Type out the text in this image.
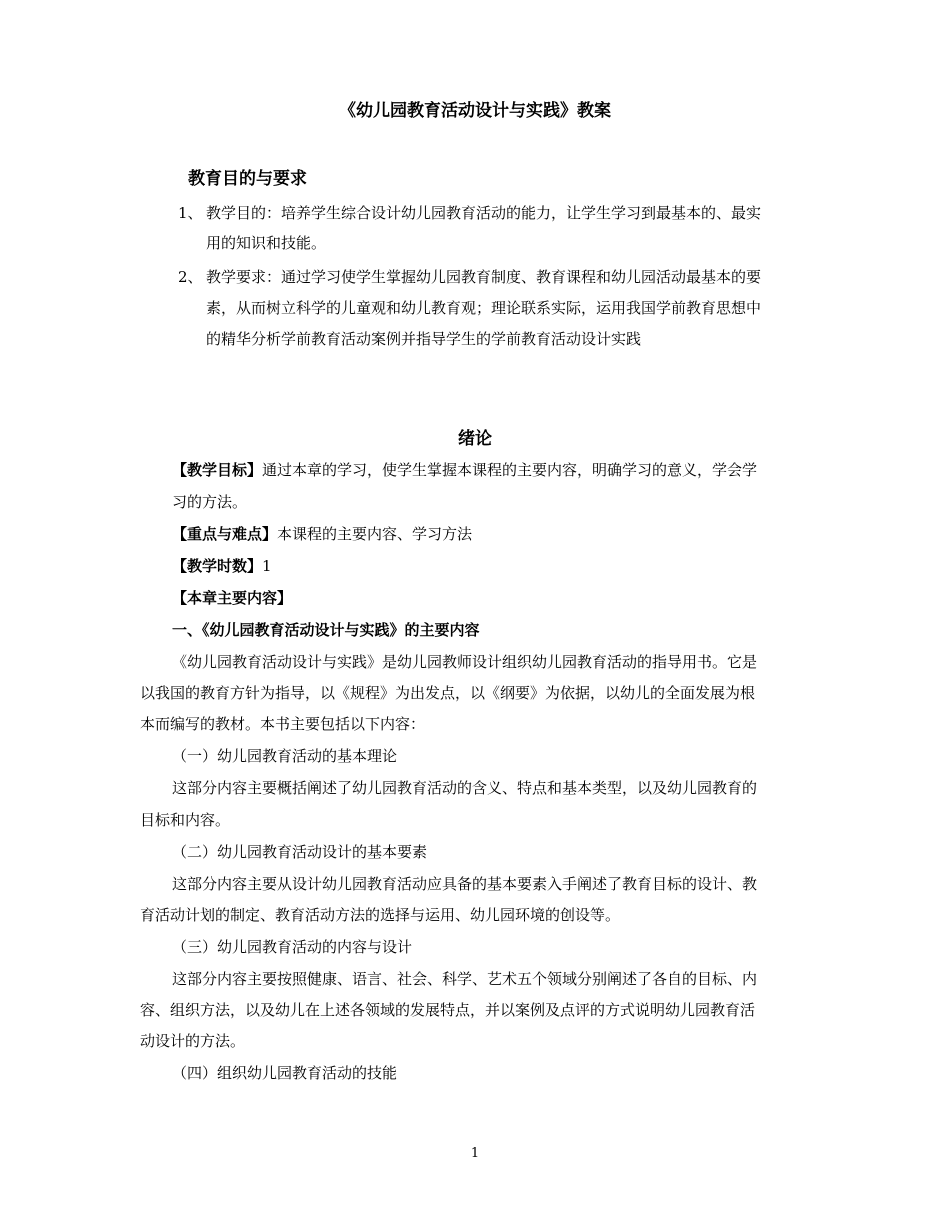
《幼儿园教育活动设计与实践》教案
教育目的与要求
1、 教学目的：培养学生综合设计幼儿园教育活动的能力，让学生学习到最基本的、最实
用的知识和技能。
2、 教学要求：通过学习使学生掌握幼儿园教育制度、教育课程和幼儿园活动最基本的要
素，从而树立科学的儿童观和幼儿教育观；理论联系实际，运用我国学前教育思想中
的精华分析学前教育活动案例并指导学生的学前教育活动设计实践
绪论
【教学目标】通过本章的学习，使学生掌握本课程的主要内容，明确学习的意义，学会学
习的方法。
【重点与难点】本课程的主要内容、学习方法
【教学时数】1
【本章主要内容】
一、《幼儿园教育活动设计与实践》的主要内容
《幼儿园教育活动设计与实践》是幼儿园教师设计组织幼儿园教育活动的指导用书。它是
以我国的教育方针为指导，以《规程》为出发点，以《纲要》为依据，以幼儿的全面发展为根
本而编写的教材。本书主要包括以下内容：
（一）幼儿园教育活动的基本理论
这部分内容主要概括阐述了幼儿园教育活动的含义、特点和基本类型，以及幼儿园教育的
目标和内容。
（二）幼儿园教育活动设计的基本要素
这部分内容主要从设计幼儿园教育活动应具备的基本要素入手阐述了教育目标的设计、教
育活动计划的制定、教育活动方法的选择与运用、幼儿园环境的创设等。
（三）幼儿园教育活动的内容与设计
这部分内容主要按照健康、语言、社会、科学、艺术五个领域分别阐述了各自的目标、内
容、组织方法，以及幼儿在上述各领域的发展特点，并以案例及点评的方式说明幼儿园教育活
动设计的方法。
（四）组织幼儿园教育活动的技能
1
